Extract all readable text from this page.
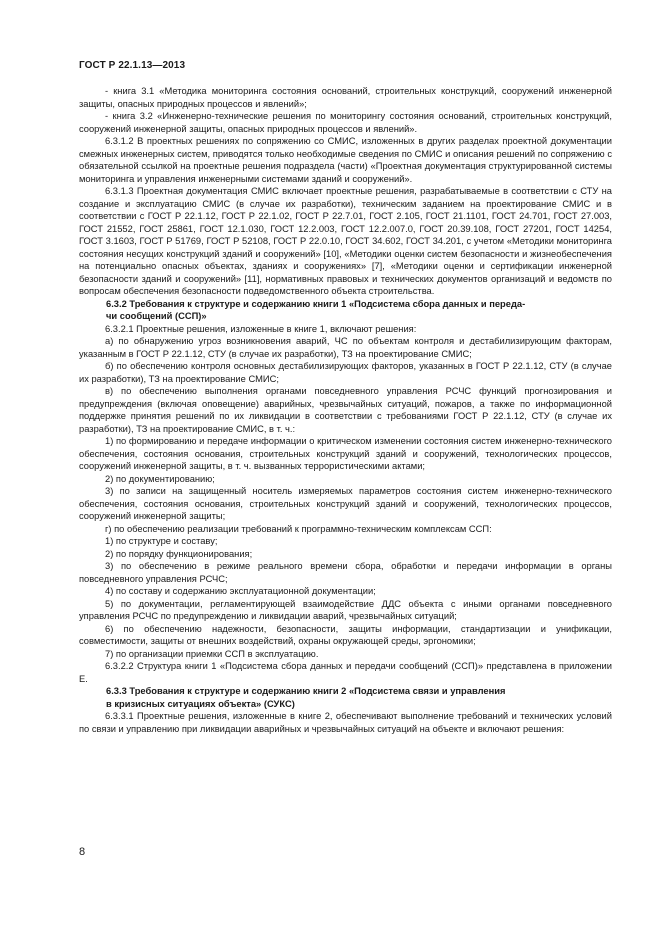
ГОСТ Р 22.1.13—2013

- книга 3.1 «Методика мониторинга состояния оснований, строительных конструкций, сооружений инженерной защиты, опасных природных процессов и явлений»;

- книга 3.2 «Инженерно-технические решения по мониторингу состояния оснований, строительных конструкций, сооружений инженерной защиты, опасных природных процессов и явлений».

6.3.1.2 В проектных решениях по сопряжению со СМИС, изложенных в других разделах проектной документации смежных инженерных систем, приводятся только необходимые сведения по СМИС и описания решений по сопряжению с обязательной ссылкой на проектные решения подраздела (части) «Проектная документация структурированной системы мониторинга и управления инженерными системами зданий и сооружений».

6.3.1.3 Проектная документация СМИС включает проектные решения, разрабатываемые в соответствии с СТУ на создание и эксплуатацию СМИС (в случае их разработки), техническим заданием на проектирование СМИС и в соответствии с ГОСТ Р 22.1.12, ГОСТ Р 22.1.02, ГОСТ Р 22.7.01, ГОСТ 2.105, ГОСТ 21.1101, ГОСТ 24.701, ГОСТ 27.003, ГОСТ 21552, ГОСТ 25861, ГОСТ 12.1.030, ГОСТ 12.2.003, ГОСТ 12.2.007.0, ГОСТ 20.39.108, ГОСТ 27201, ГОСТ 14254, ГОСТ 3.1603, ГОСТ Р 51769, ГОСТ Р 52108, ГОСТ Р 22.0.10, ГОСТ 34.602, ГОСТ 34.201, с учетом «Методики мониторинга состояния несущих конструкций зданий и сооружений» [10], «Методики оценки систем безопасности и жизнеобеспечения на потенциально опасных объектах, зданиях и сооружениях» [7], «Методики оценки и сертификации инженерной безопасности зданий и сооружений» [11], нормативных правовых и технических документов организаций и ведомств по вопросам обеспечения безопасности подведомственного объекта строительства.

6.3.2 Требования к структуре и содержанию книги 1 «Подсистема сбора данных и переда-
чи сообщений (ССП)»

6.3.2.1 Проектные решения, изложенные в книге 1, включают решения:

а) по обнаружению угроз возникновения аварий, ЧС по объектам контроля и дестабилизирующим факторам, указанным в ГОСТ Р 22.1.12, СТУ (в случае их разработки), ТЗ на проектирование СМИС;

б) по обеспечению контроля основных дестабилизирующих факторов, указанных в ГОСТ Р 22.1.12, СТУ (в случае их разработки), ТЗ на проектирование СМИС;

в) по обеспечению выполнения органами повседневного управления РСЧС функций прогнозирования и предупреждения (включая оповещение) аварийных, чрезвычайных ситуаций, пожаров, а также по информационной поддержке принятия решений по их ликвидации в соответствии с требованиями ГОСТ Р 22.1.12, СТУ (в случае их разработки), ТЗ на проектирование СМИС, в т. ч.:

1) по формированию и передаче информации о критическом изменении состояния систем инженерно-технического обеспечения, состояния основания, строительных конструкций зданий и сооружений, технологических процессов, сооружений инженерной защиты, в т. ч. вызванных террористическими актами;

2) по документированию;

3) по записи на защищенный носитель измеряемых параметров состояния систем инженерно-технического обеспечения, состояния основания, строительных конструкций зданий и сооружений, технологических процессов, сооружений инженерной защиты;

г) по обеспечению реализации требований к программно-техническим комплексам ССП:

1) по структуре и составу;

2) по порядку функционирования;

3) по обеспечению в режиме реального времени сбора, обработки и передачи информации в органы повседневного управления РСЧС;

4) по составу и содержанию эксплуатационной документации;

5) по документации, регламентирующей взаимодействие ДДС объекта с иными органами повседневного управления РСЧС по предупреждению и ликвидации аварий, чрезвычайных ситуаций;

6) по обеспечению надежности, безопасности, защиты информации, стандартизации и унификации, совместимости, защиты от внешних воздействий, охраны окружающей среды, эргономики;

7) по организации приемки ССП в эксплуатацию.

6.3.2.2 Структура книги 1 «Подсистема сбора данных и передачи сообщений (ССП)» представлена в приложении Е.

6.3.3 Требования к структуре и содержанию книги 2 «Подсистема связи и управления
в кризисных ситуациях объекта» (СУКС)

6.3.3.1 Проектные решения, изложенные в книге 2, обеспечивают выполнение требований и технических условий по связи и управлению при ликвидации аварийных и чрезвычайных ситуаций на объекте и включают решения:

8
